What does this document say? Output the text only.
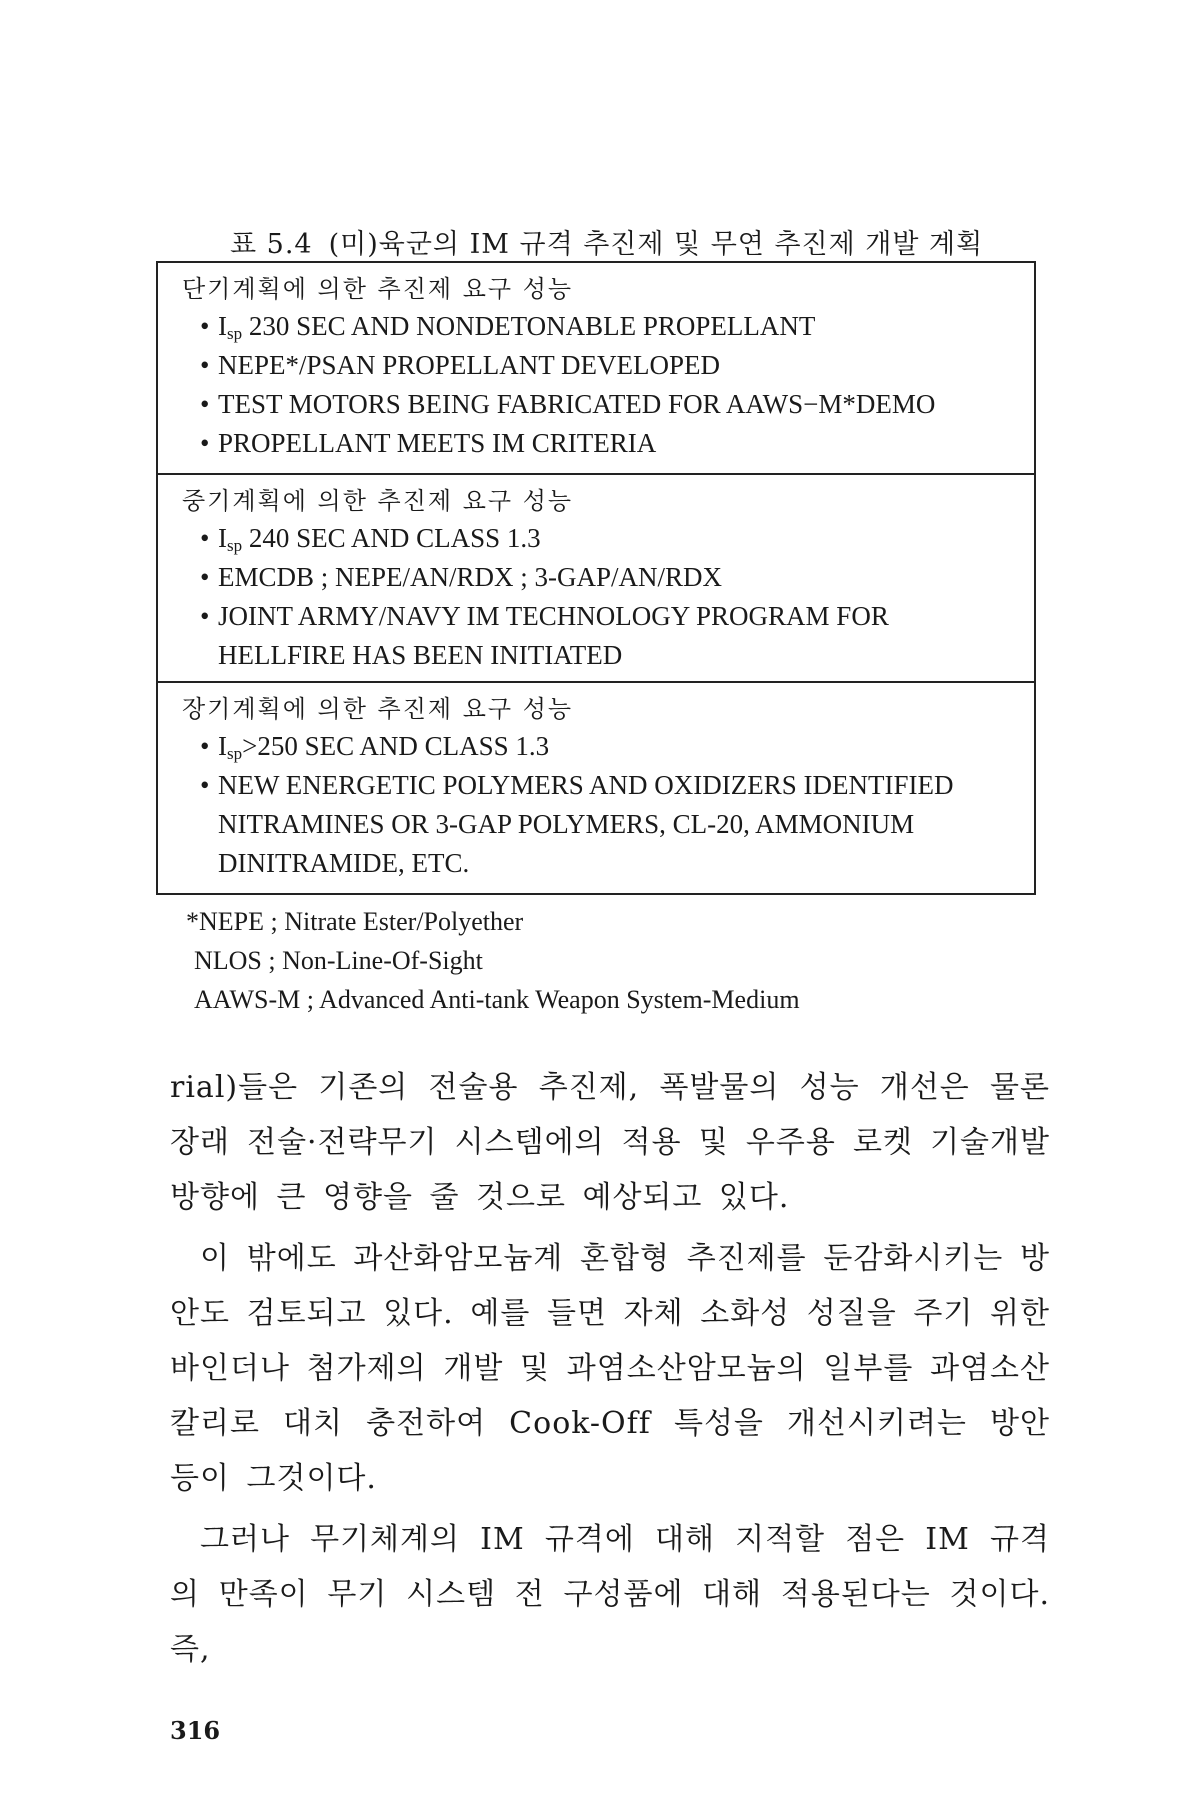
표 5.4 (미)육군의 IM 규격 추진제 및 무연 추진제 개발 계획
단기계획에 의한 추진제 요구 성능
• $I_{sp}$ 230 SEC AND NONDETONABLE PROPELLANT
• NEPE*/PSAN PROPELLANT DEVELOPED
• TEST MOTORS BEING FABRICATED FOR AAWS−M*DEMO
• PROPELLANT MEETS IM CRITERIA
중기계획에 의한 추진제 요구 성능
• $I_{sp}$ 240 SEC AND CLASS 1.3
• EMCDB ; NEPE/AN/RDX ; 3-GAP/AN/RDX
• JOINT ARMY/NAVY IM TECHNOLOGY PROGRAM FOR
HELLFIRE HAS BEEN INITIATED
장기계획에 의한 추진제 요구 성능
• $I_{sp}>250$ SEC AND CLASS 1.3
• NEW ENERGETIC POLYMERS AND OXIDIZERS IDENTIFIED
NITRAMINES OR 3-GAP POLYMERS, CL-20, AMMONIUM
DINITRAMIDE, ETC.
*NEPE ; Nitrate Ester/Polyether
NLOS ; Non-Line-Of-Sight
AAWS-M ; Advanced Anti-tank Weapon System-Medium

rial)들은 기존의 전술용 추진제, 폭발물의 성능 개선은 물론 장래 전술·전략무기 시스템에의 적용 및 우주용 로켓 기술개발 방향에 큰 영향을 줄 것으로 예상되고 있다.

이 밖에도 과산화암모늄계 혼합형 추진제를 둔감화시키는 방안도 검토되고 있다. 예를 들면 자체 소화성 성질을 주기 위한 바인더나 첨가제의 개발 및 과염소산암모늄의 일부를 과염소산칼리로 대치 충전하여 Cook-Off 특성을 개선시키려는 방안 등이 그것이다.

그러나 무기체계의 IM 규격에 대해 지적할 점은 IM 규격의 만족이 무기 시스템 전 구성품에 대해 적용된다는 것이다. 즉,

316
